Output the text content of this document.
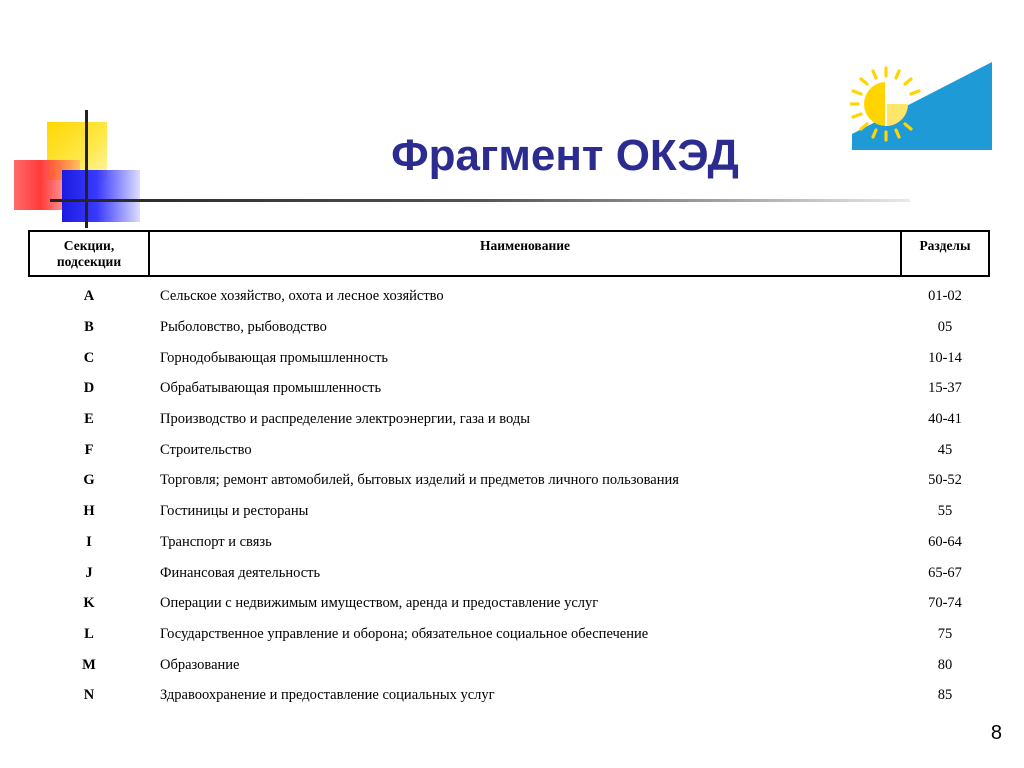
Фрагмент ОКЭД
Секции, подсекции	Наименование	Разделы
A	Сельское хозяйство, охота и лесное хозяйство	01-02
B	Рыболовство, рыбоводство	05
C	Горнодобывающая промышленность	10-14
D	Обрабатывающая промышленность	15-37
E	Производство и распределение электроэнергии, газа и воды	40-41
F	Строительство	45
G	Торговля; ремонт автомобилей, бытовых изделий и предметов личного пользования	50-52
H	Гостиницы и рестораны	55
I	Транспорт и связь	60-64
J	Финансовая деятельность	65-67
K	Операции с недвижимым имуществом, аренда и предоставление услуг	70-74
L	Государственное управление и оборона; обязательное социальное обеспечение	75
M	Образование	80
N	Здравоохранение и предоставление социальных услуг	85
8
